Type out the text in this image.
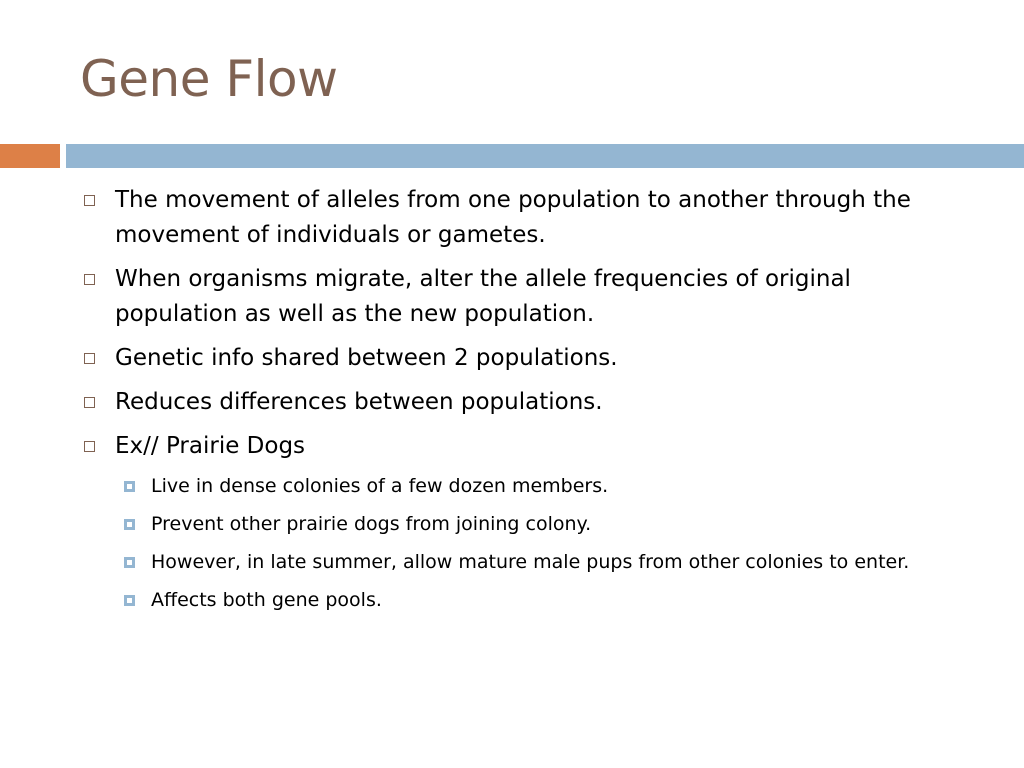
Gene Flow
The movement of alleles from one population to another through the movement of individuals or gametes.
When organisms migrate, alter the allele frequencies of original population as well as the new population.
Genetic info shared between 2 populations.
Reduces differences between populations.
Ex// Prairie Dogs
Live in dense colonies of a few dozen members.
Prevent other prairie dogs from joining colony.
However, in late summer, allow mature male pups from other colonies to enter.
Affects both gene pools.
